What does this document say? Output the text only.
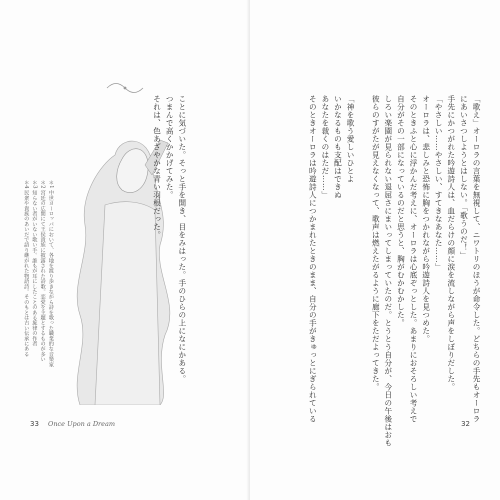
ことに気づいた。そっと手を開き、目をみはった。手のひらの上になにかある。
つまんで高くかかげてみた。
それは、色あざやかな青い羽根だった。
＊1 中世ヨーロッパにおいて、各地を渡り歩きながら詩を歌った職業的な音楽家
＊2 宮廷の広間にて王侯貴族に披露された詩歌。恋愛を主題とするものが多い
＊3 知らない者がいない歌い手。誰もが耳にしたことのある旋律の作者
＊4 民衆や貴族のあいだで語り継がれた物語詩。そのもとは古い伝承にある
33 Once Upon a Dream
「歌え」オーロラの言葉を無視して、ニワトリのほうが命令した。どちらの手先もオーロラ
にあいさつしようとはしない。「歌うのだ！」
手先にかつがれた吟遊詩人は、血だらけの顔に涙を流しながら声をしぼりだした。
「やさしい……やさしい、すてきなあなた……」
オーロラは、悲しみと恐怖に胸をつかれながら吟遊詩人を見つめた。
そのときふと心に浮かんだ考えに、オーロラは心底ぞっとした。あまりにおそろしい考えで
自分がその一部になっているのだと思うと、胸がむかむかした。
しろい楽園が見られない退屈さにまいってしまっていたのだ。とうとう自分が、今日の午後はおも
彼らのすがたが見えなくなって、歌声は燃えたがるように廊下をただよってきた。

「神を歌う愛しいひとよ
いかなるものも支配はできぬ
あなたを裁くのはただ……」
そのときオーロラは吟遊詩人につかまれたときのまま、自分の手がきゅっとにぎられている
32
